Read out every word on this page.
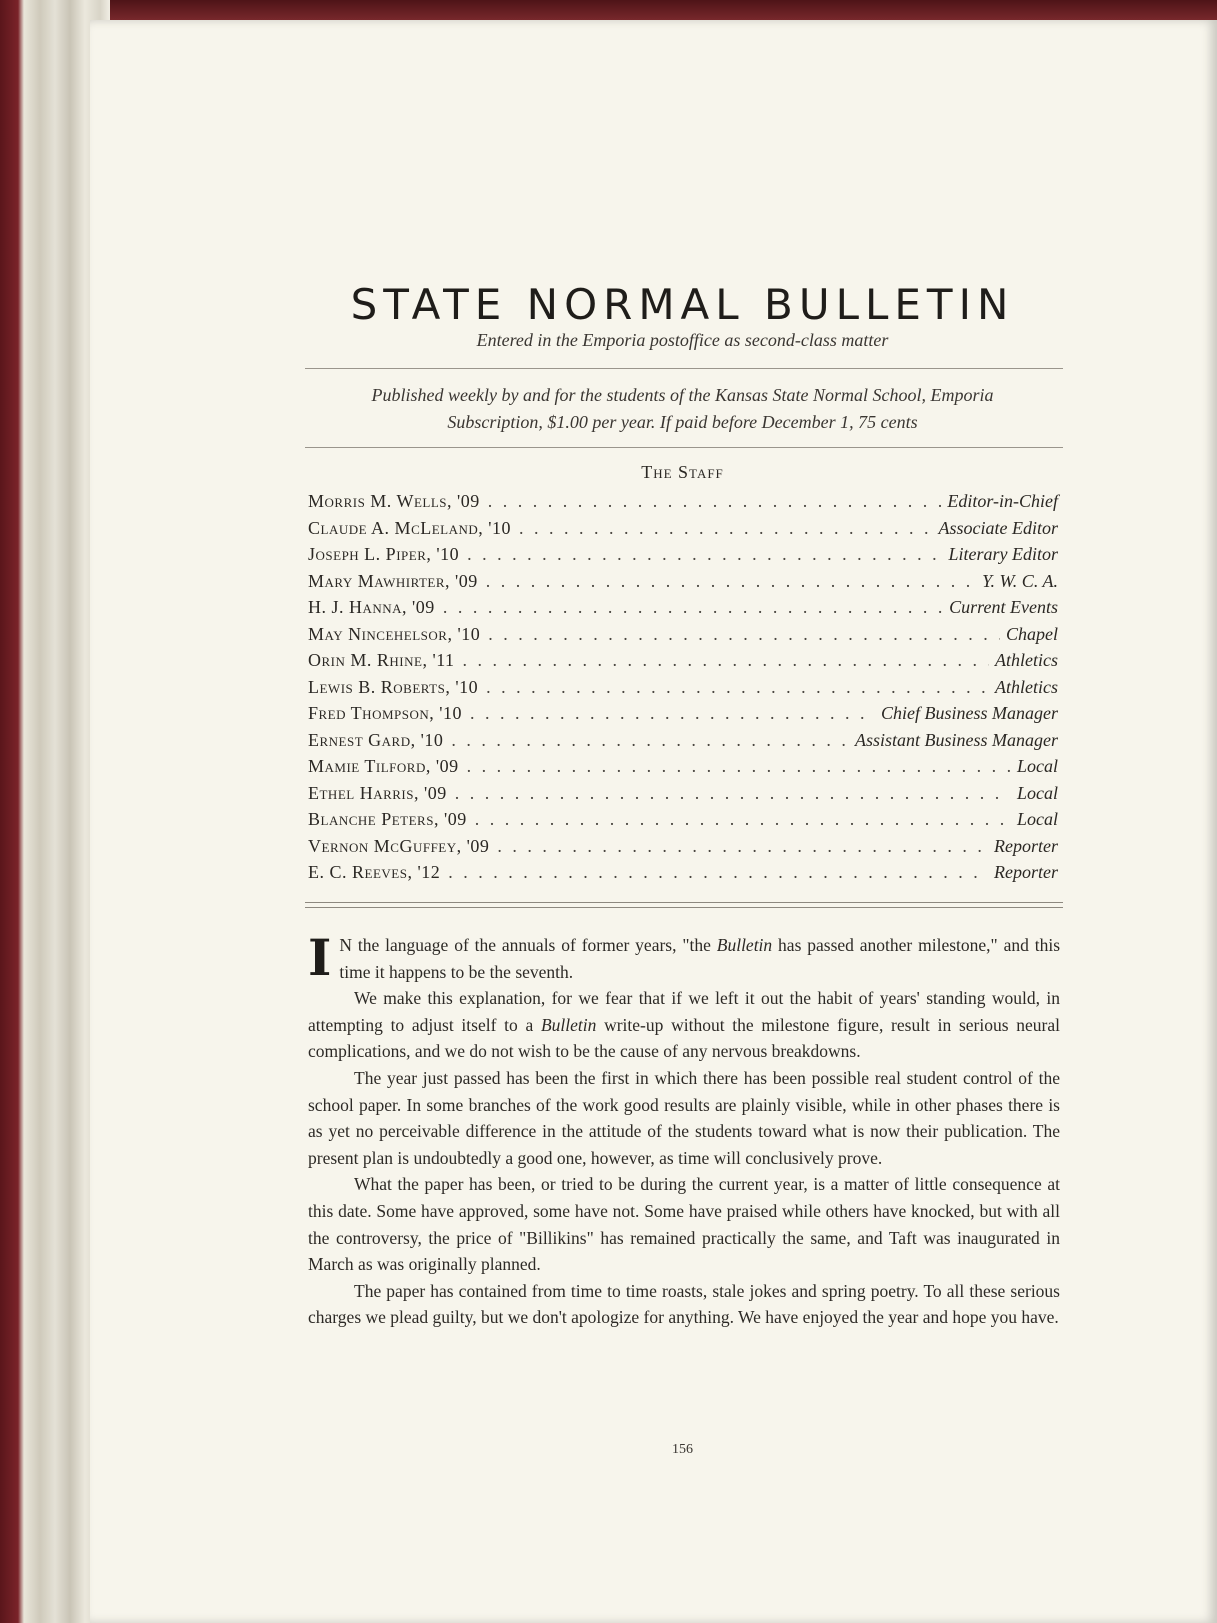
STATE NORMAL BULLETIN
Entered in the Emporia postoffice as second-class matter
Published weekly by and for the students of the Kansas State Normal School, Emporia
Subscription, $1.00 per year. If paid before December 1, 75 cents
The Staff
Morris M. Wells, '09 . . .	Editor-in-Chief
Claude A. McLeland, '10 . . .	Associate Editor
Joseph L. Piper, '10 . . .	Literary Editor
Mary Mawhirter, '09 . . .	Y. W. C. A.
H. J. Hanna, '09 . . .	Current Events
May Nincehelsor, '10 . . .	Chapel
Orin M. Rhine, '11 . . .	Athletics
Lewis B. Roberts, '10 . . .	Athletics
Fred Thompson, '10 . . .	Chief Business Manager
Ernest Gard, '10 . . .	Assistant Business Manager
Mamie Tilford, '09 . . .	Local
Ethel Harris, '09 . . .	Local
Blanche Peters, '09 . . .	Local
Vernon McGuffey, '09 . . .	Reporter
E. C. Reeves, '12 . . .	Reporter

I N the language of the annuals of former years, "the Bulletin has passed another milestone," and this time it happens to be the seventh.

We make this explanation, for we fear that if we left it out the habit of years' standing would, in attempting to adjust itself to a Bulletin write-up without the milestone figure, result in serious neural complications, and we do not wish to be the cause of any nervous breakdowns.

The year just passed has been the first in which there has been possible real student control of the school paper. In some branches of the work good results are plainly visible, while in other phases there is as yet no perceivable difference in the attitude of the students toward what is now their publication. The present plan is undoubtedly a good one, however, as time will conclusively prove.

What the paper has been, or tried to be during the current year, is a matter of little consequence at this date. Some have approved, some have not. Some have praised while others have knocked, but with all the controversy, the price of "Billikins" has remained practically the same, and Taft was inaugurated in March as was originally planned.

The paper has contained from time to time roasts, stale jokes and spring poetry. To all these serious charges we plead guilty, but we don't apologize for anything. We have enjoyed the year and hope you have.

156
